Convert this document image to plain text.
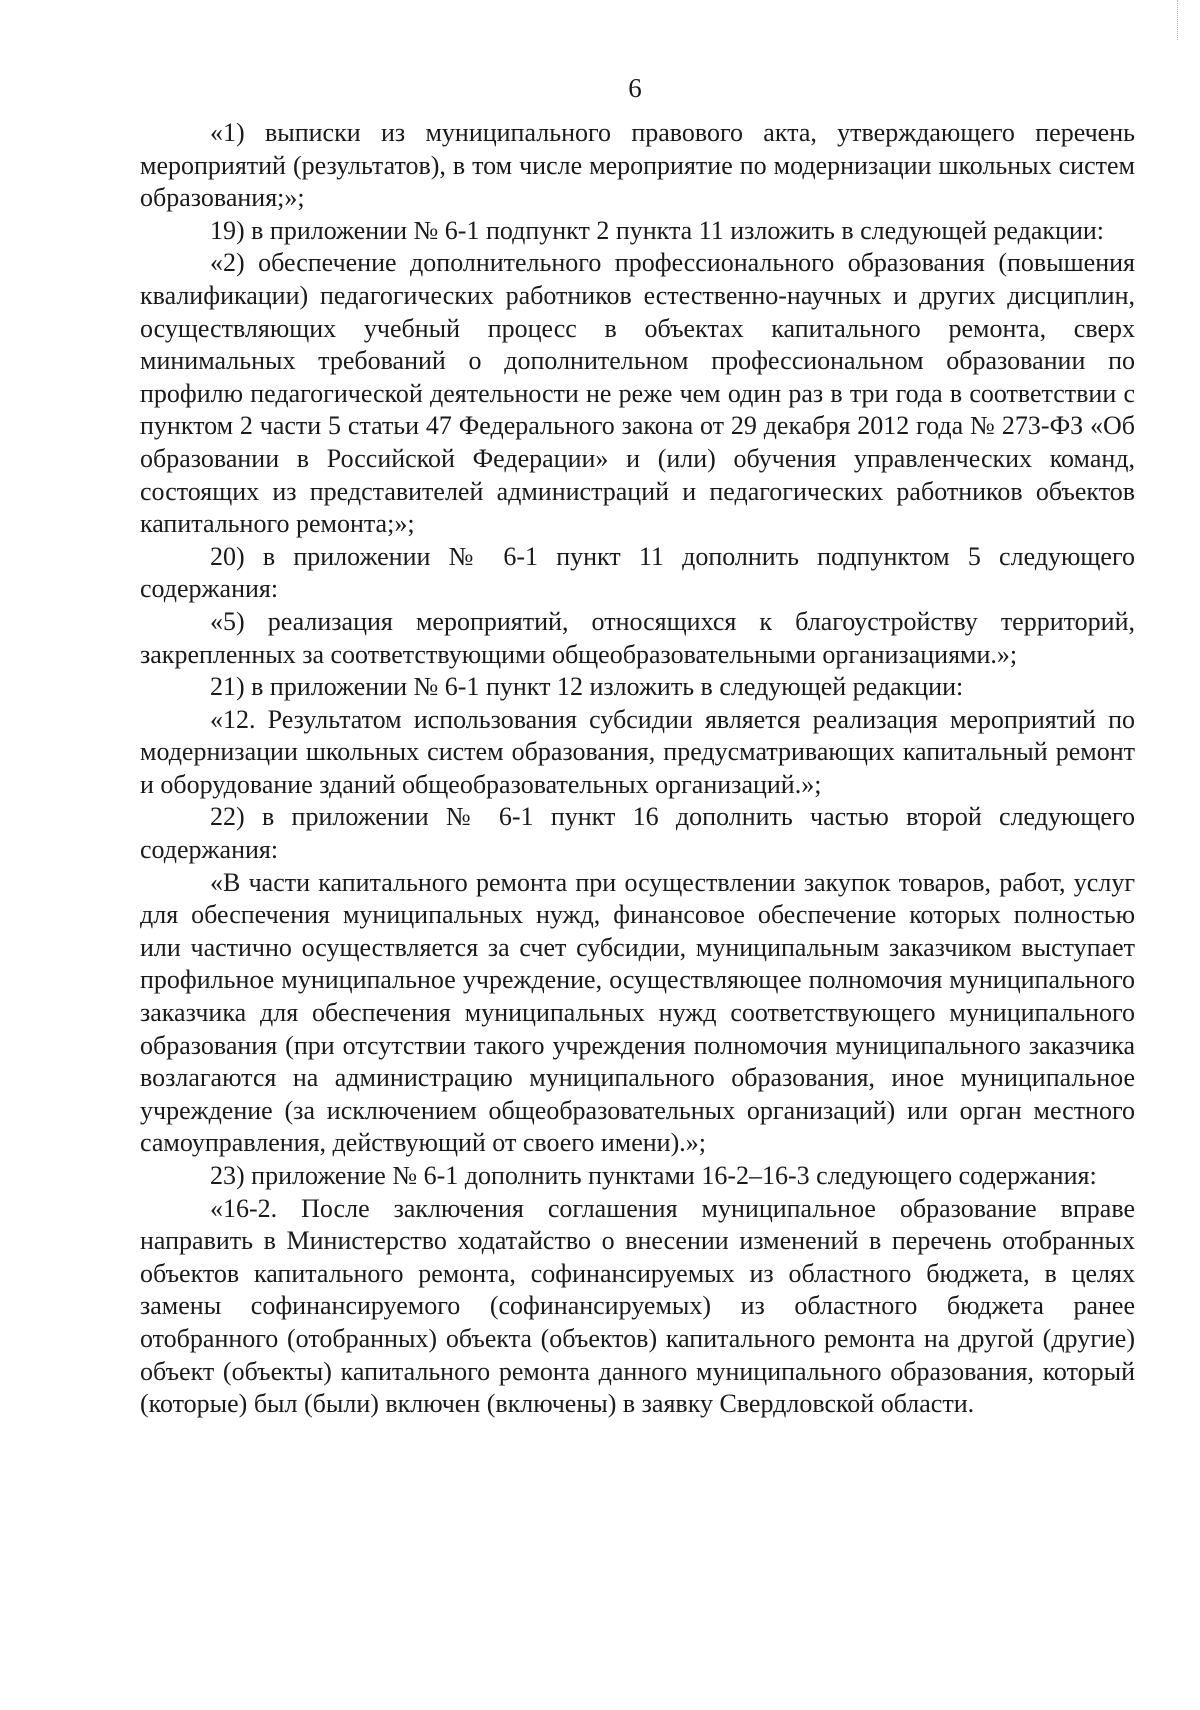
6

«1) выписки из муниципального правового акта, утверждающего перечень мероприятий (результатов), в том числе мероприятие по модернизации школьных систем образования;»;

19) в приложении № 6-1 подпункт 2 пункта 11 изложить в следующей редакции:

«2) обеспечение дополнительного профессионального образования (повышения квалификации) педагогических работников естественно-научных и других дисциплин, осуществляющих учебный процесс в объектах капитального ремонта, сверх минимальных требований о дополнительном профессиональном образовании по профилю педагогической деятельности не реже чем один раз в три года в соответствии с пунктом 2 части 5 статьи 47 Федерального закона от 29 декабря 2012 года № 273-ФЗ «Об образовании в Российской Федерации» и (или) обучения управленческих команд, состоящих из представителей администраций и педагогических работников объектов капитального ремонта;»;

20) в приложении № 6-1 пункт 11 дополнить подпунктом 5 следующего содержания:

«5) реализация мероприятий, относящихся к благоустройству территорий, закрепленных за соответствующими общеобразовательными организациями.»;

21) в приложении № 6-1 пункт 12 изложить в следующей редакции:

«12. Результатом использования субсидии является реализация мероприятий по модернизации школьных систем образования, предусматривающих капитальный ремонт и оборудование зданий общеобразовательных организаций.»;

22) в приложении № 6-1 пункт 16 дополнить частью второй следующего содержания:

«В части капитального ремонта при осуществлении закупок товаров, работ, услуг для обеспечения муниципальных нужд, финансовое обеспечение которых полностью или частично осуществляется за счет субсидии, муниципальным заказчиком выступает профильное муниципальное учреждение, осуществляющее полномочия муниципального заказчика для обеспечения муниципальных нужд соответствующего муниципального образования (при отсутствии такого учреждения полномочия муниципального заказчика возлагаются на администрацию муниципального образования, иное муниципальное учреждение (за исключением общеобразовательных организаций) или орган местного самоуправления, действующий от своего имени).»;

23) приложение № 6-1 дополнить пунктами 16-2–16-3 следующего содержания:

«16-2. После заключения соглашения муниципальное образование вправе направить в Министерство ходатайство о внесении изменений в перечень отобранных объектов капитального ремонта, софинансируемых из областного бюджета, в целях замены софинансируемого (софинансируемых) из областного бюджета ранее отобранного (отобранных) объекта (объектов) капитального ремонта на другой (другие) объект (объекты) капитального ремонта данного муниципального образования, который (которые) был (были) включен (включены) в заявку Свердловской области.
